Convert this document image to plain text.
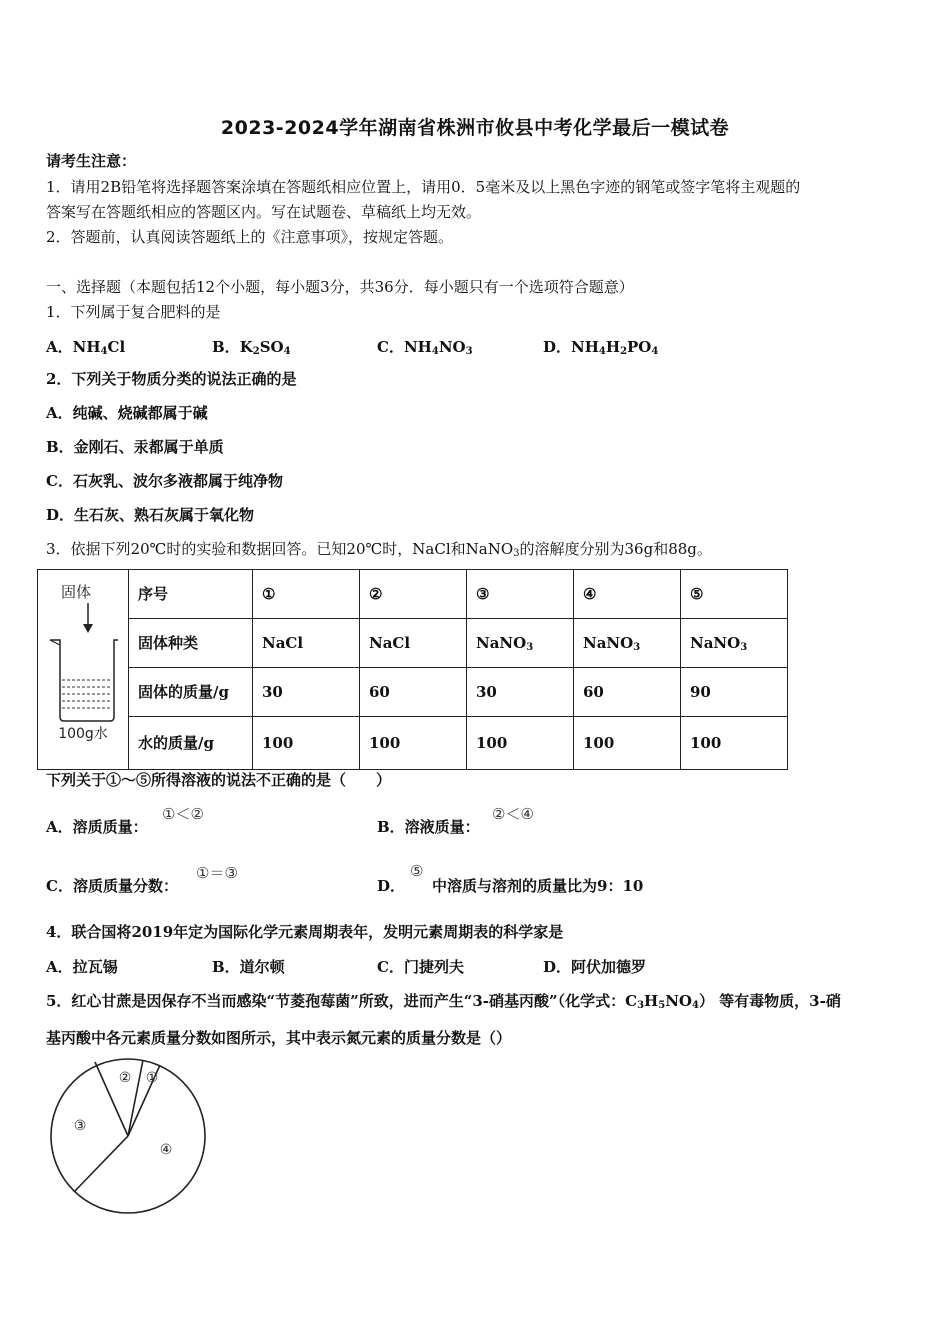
2023-2024学年湖南省株洲市攸县中考化学最后一模试卷
请考生注意：
1．请用2B铅笔将选择题答案涂填在答题纸相应位置上，请用0．5毫米及以上黑色字迹的钢笔或签字笔将主观题的
答案写在答题纸相应的答题区内。写在试题卷、草稿纸上均无效。
2．答题前，认真阅读答题纸上的《注意事项》，按规定答题。
一、选择题（本题包括12个小题，每小题3分，共36分．每小题只有一个选项符合题意）
1．下列属于复合肥料的是
A．$NH_4Cl$	B．$K_2SO_4$	C．$NH_4NO_3$	D．$NH_4H_2PO_4$
2．下列关于物质分类的说法正确的是
A．纯碱、烧碱都属于碱
B．金刚石、汞都属于单质
C．石灰乳、波尔多液都属于纯净物
D．生石灰、熟石灰属于氧化物
3．依据下列20℃时的实验和数据回答。已知20℃时，NaCl和NaNO$_3$的溶解度分别为36g和88g。
固体
100g水	序号	①	②	③	④	⑤
	固体种类	NaCl	NaCl	NaNO$_3$	NaNO$_3$	NaNO$_3$
	固体的质量/g	30	60	30	60	90
	水的质量/g	100	100	100	100	100
下列关于①～⑤所得溶液的说法不正确的是（　　）
A．溶质质量：
①＜②
B．溶液质量：
②＜④
C．溶质质量分数：
①＝③
D．
⑤
中溶质与溶剂的质量比为9：10
4．联合国将2019年定为国际化学元素周期表年，发明元素周期表的科学家是
A．拉瓦锡	B．道尔顿	C．门捷列夫	D．阿伏加德罗
5．红心甘蔗是因保存不当而感染“节菱孢莓菌”所致，进而产生“3-硝基丙酸”（化学式：$C_3H_5NO_4$） 等有毒物质，3-硝
基丙酸中各元素质量分数如图所示，其中表示氮元素的质量分数是（）
①
②
③
④
